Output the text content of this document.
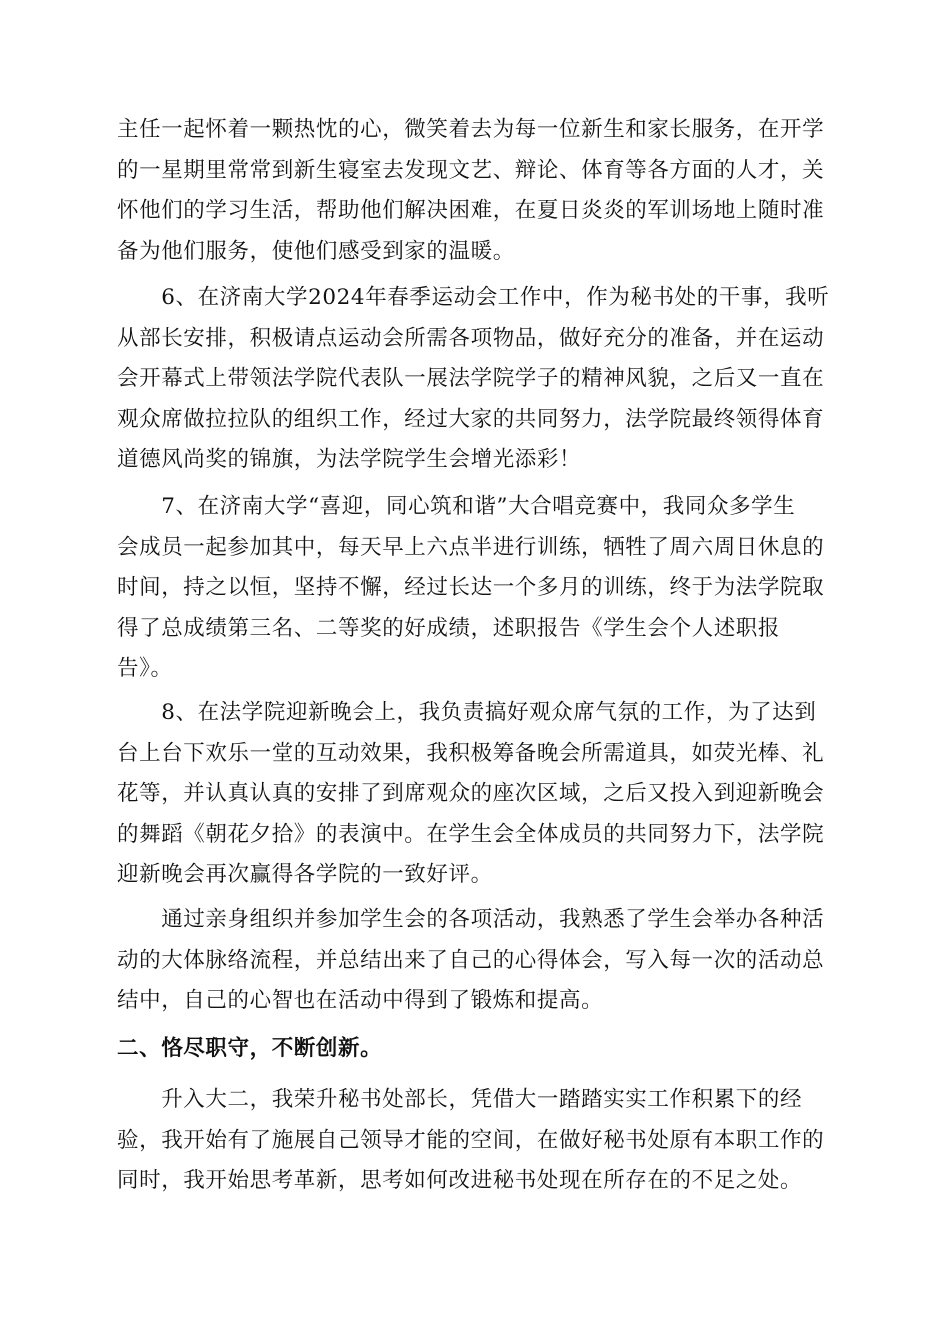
主任一起怀着一颗热忱的心，微笑着去为每一位新生和家长服务，在开学
的一星期里常常到新生寝室去发现文艺、辩论、体育等各方面的人才，关
怀他们的学习生活，帮助他们解决困难，在夏日炎炎的军训场地上随时准
备为他们服务，使他们感受到家的温暖。
　　6、在济南大学2024年春季运动会工作中，作为秘书处的干事，我听
从部长安排，积极请点运动会所需各项物品，做好充分的准备，并在运动
会开幕式上带领法学院代表队一展法学院学子的精神风貌，之后又一直在
观众席做拉拉队的组织工作，经过大家的共同努力，法学院最终领得体育
道德风尚奖的锦旗，为法学院学生会增光添彩！
　　7、在济南大学“喜迎，同心筑和谐”大合唱竞赛中，我同众多学生
会成员一起参加其中，每天早上六点半进行训练，牺牲了周六周日休息的
时间，持之以恒，坚持不懈，经过长达一个多月的训练，终于为法学院取
得了总成绩第三名、二等奖的好成绩，述职报告《学生会个人述职报
告》。
　　8、在法学院迎新晚会上，我负责搞好观众席气氛的工作，为了达到
台上台下欢乐一堂的互动效果，我积极筹备晚会所需道具，如荧光棒、礼
花等，并认真认真的安排了到席观众的座次区域，之后又投入到迎新晚会
的舞蹈《朝花夕拾》的表演中。在学生会全体成员的共同努力下，法学院
迎新晚会再次赢得各学院的一致好评。
　　通过亲身组织并参加学生会的各项活动，我熟悉了学生会举办各种活
动的大体脉络流程，并总结出来了自己的心得体会，写入每一次的活动总
结中，自己的心智也在活动中得到了锻炼和提高。
二、恪尽职守，不断创新。
　　升入大二，我荣升秘书处部长，凭借大一踏踏实实工作积累下的经
验，我开始有了施展自己领导才能的空间，在做好秘书处原有本职工作的
同时，我开始思考革新，思考如何改进秘书处现在所存在的不足之处。
